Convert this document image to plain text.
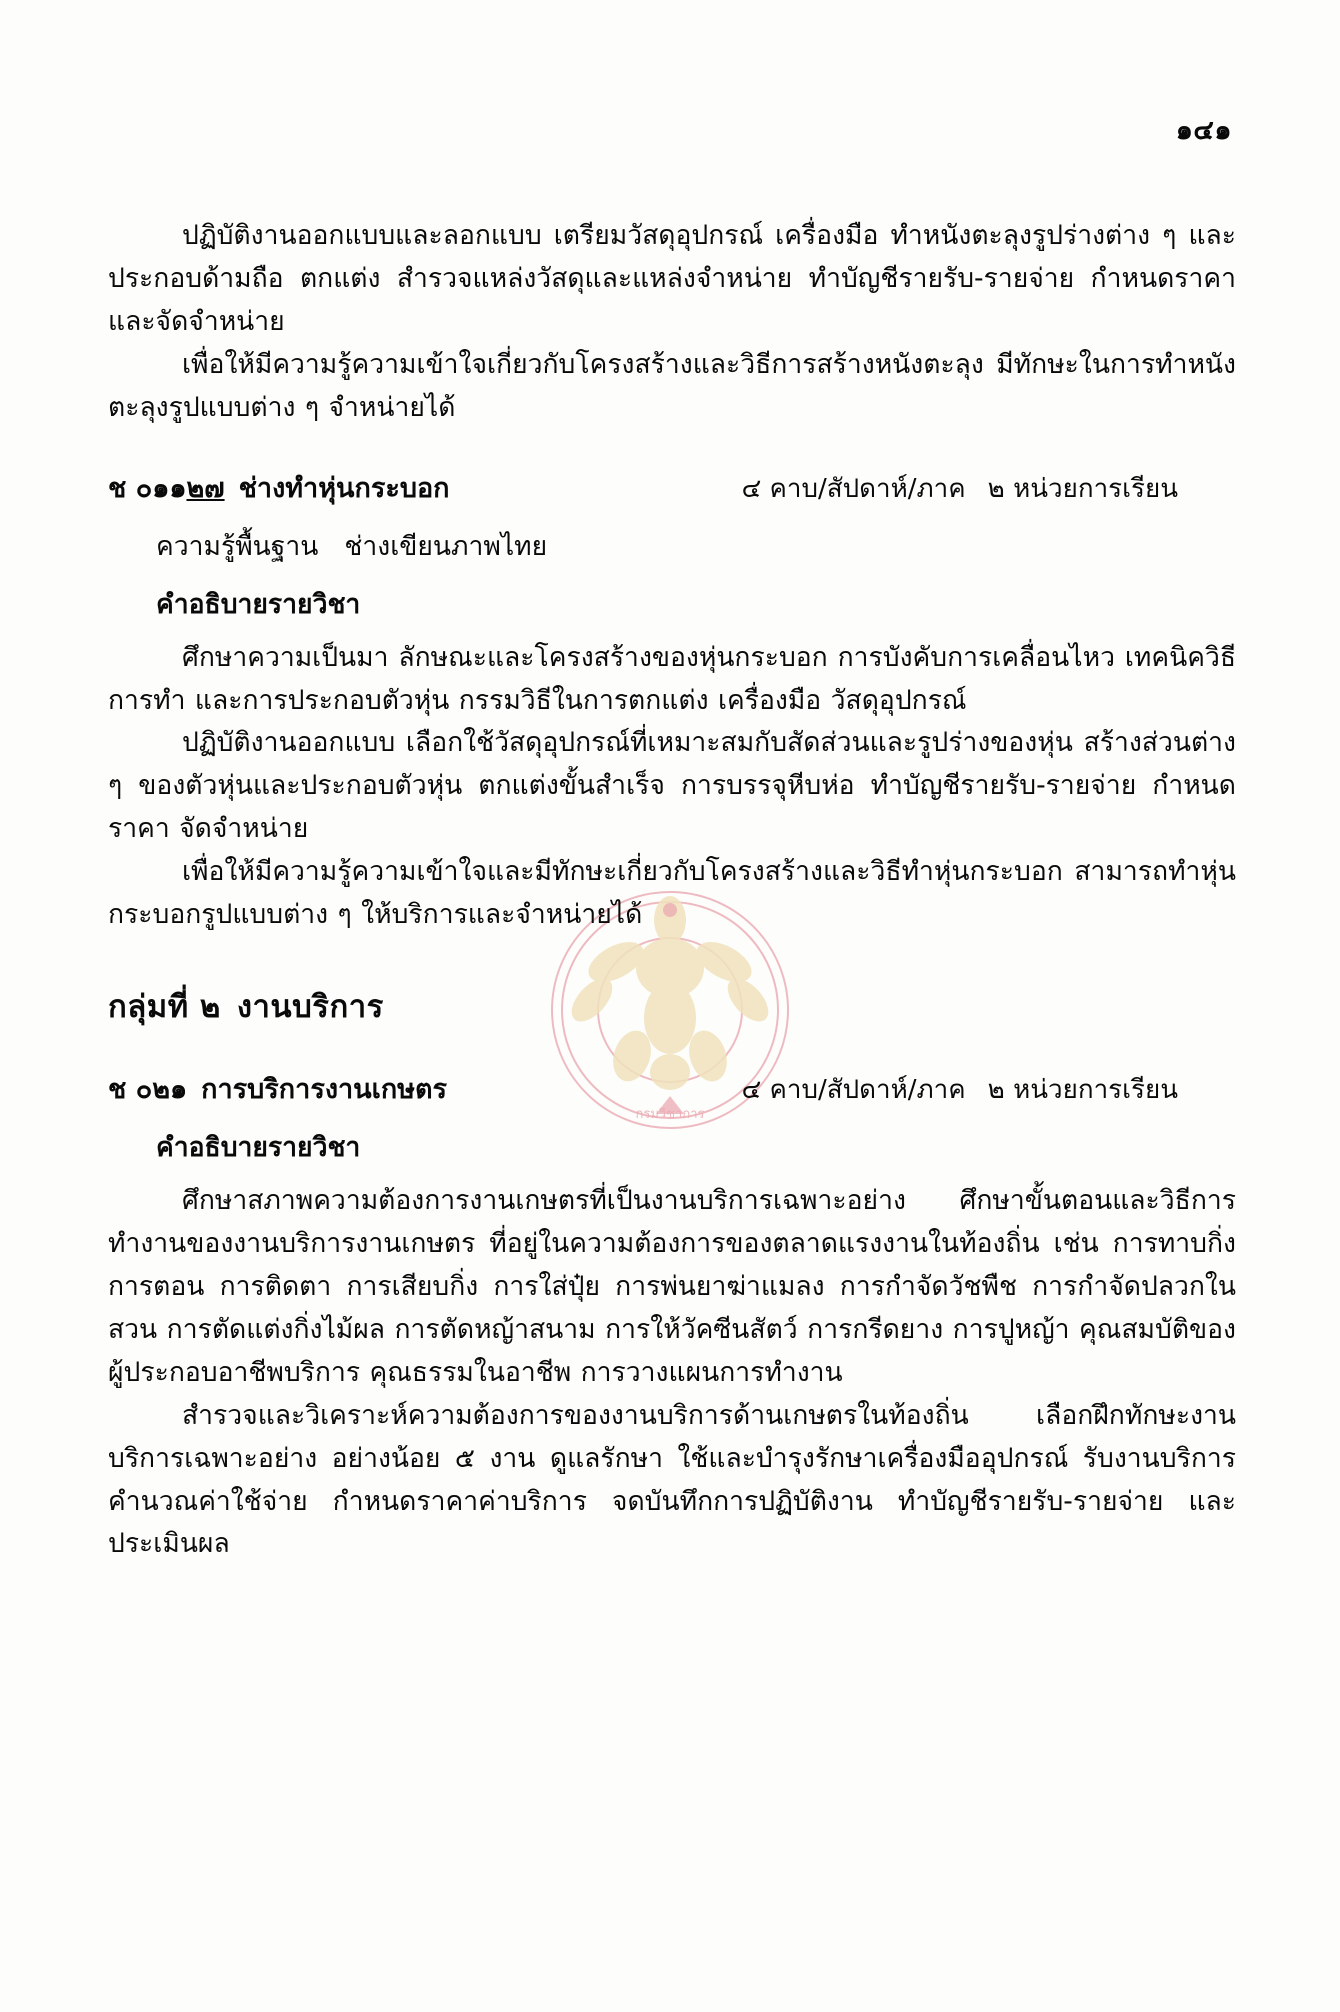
กรมวิชาการ
๑๔๑

ปฏิบัติงานออกแบบและลอกแบบ เตรียมวัสดุอุปกรณ์ เครื่องมือ ทำหนังตะลุงรูปร่างต่าง ๆ และประกอบด้ามถือ ตกแต่ง สำรวจแหล่งวัสดุและแหล่งจำหน่าย ทำบัญชีรายรับ-รายจ่าย กำหนดราคา และจัดจำหน่าย

เพื่อให้มีความรู้ความเข้าใจเกี่ยวกับโครงสร้างและวิธีการสร้างหนังตะลุง มีทักษะในการทำหนังตะลุงรูปแบบต่าง ๆ จำหน่ายได้

ช ๐๑๑๒๗ ช่างทำหุ่นกระบอก	๔ คาบ/สัปดาห์/ภาค ๒ หน่วยการเรียน
ความรู้พื้นฐาน ช่างเขียนภาพไทย
คำอธิบายรายวิชา

ศึกษาความเป็นมา ลักษณะและโครงสร้างของหุ่นกระบอก การบังคับการเคลื่อนไหว เทคนิควิธีการทำ และการประกอบตัวหุ่น กรรมวิธีในการตกแต่ง เครื่องมือ วัสดุอุปกรณ์

ปฏิบัติงานออกแบบ เลือกใช้วัสดุอุปกรณ์ที่เหมาะสมกับสัดส่วนและรูปร่างของหุ่น สร้างส่วนต่าง ๆ ของตัวหุ่นและประกอบตัวหุ่น ตกแต่งขั้นสำเร็จ การบรรจุหีบห่อ ทำบัญชีรายรับ-รายจ่าย กำหนดราคา จัดจำหน่าย

เพื่อให้มีความรู้ความเข้าใจและมีทักษะเกี่ยวกับโครงสร้างและวิธีทำหุ่นกระบอก สามารถทำหุ่นกระบอกรูปแบบต่าง ๆ ให้บริการและจำหน่ายได้

กลุ่มที่ ๒ งานบริการ
ช ๐๒๑ การบริการงานเกษตร	๔ คาบ/สัปดาห์/ภาค ๒ หน่วยการเรียน
คำอธิบายรายวิชา

ศึกษาสภาพความต้องการงานเกษตรที่เป็นงานบริการเฉพาะอย่าง ศึกษาขั้นตอนและวิธีการทำงานของงานบริการงานเกษตร ที่อยู่ในความต้องการของตลาดแรงงานในท้องถิ่น เช่น การทาบกิ่ง การตอน การติดตา การเสียบกิ่ง การใส่ปุ๋ย การพ่นยาฆ่าแมลง การกำจัดวัชพืช การกำจัดปลวกในสวน การตัดแต่งกิ่งไม้ผล การตัดหญ้าสนาม การให้วัคซีนสัตว์ การกรีดยาง การปูหญ้า คุณสมบัติของผู้ประกอบอาชีพบริการ คุณธรรมในอาชีพ การวางแผนการทำงาน

สำรวจและวิเคราะห์ความต้องการของงานบริการด้านเกษตรในท้องถิ่น เลือกฝึกทักษะงานบริการเฉพาะอย่าง อย่างน้อย ๕ งาน ดูแลรักษา ใช้และบำรุงรักษาเครื่องมืออุปกรณ์ รับงานบริการ คำนวณค่าใช้จ่าย กำหนดราคาค่าบริการ จดบันทึกการปฏิบัติงาน ทำบัญชีรายรับ-รายจ่าย และประเมินผล
